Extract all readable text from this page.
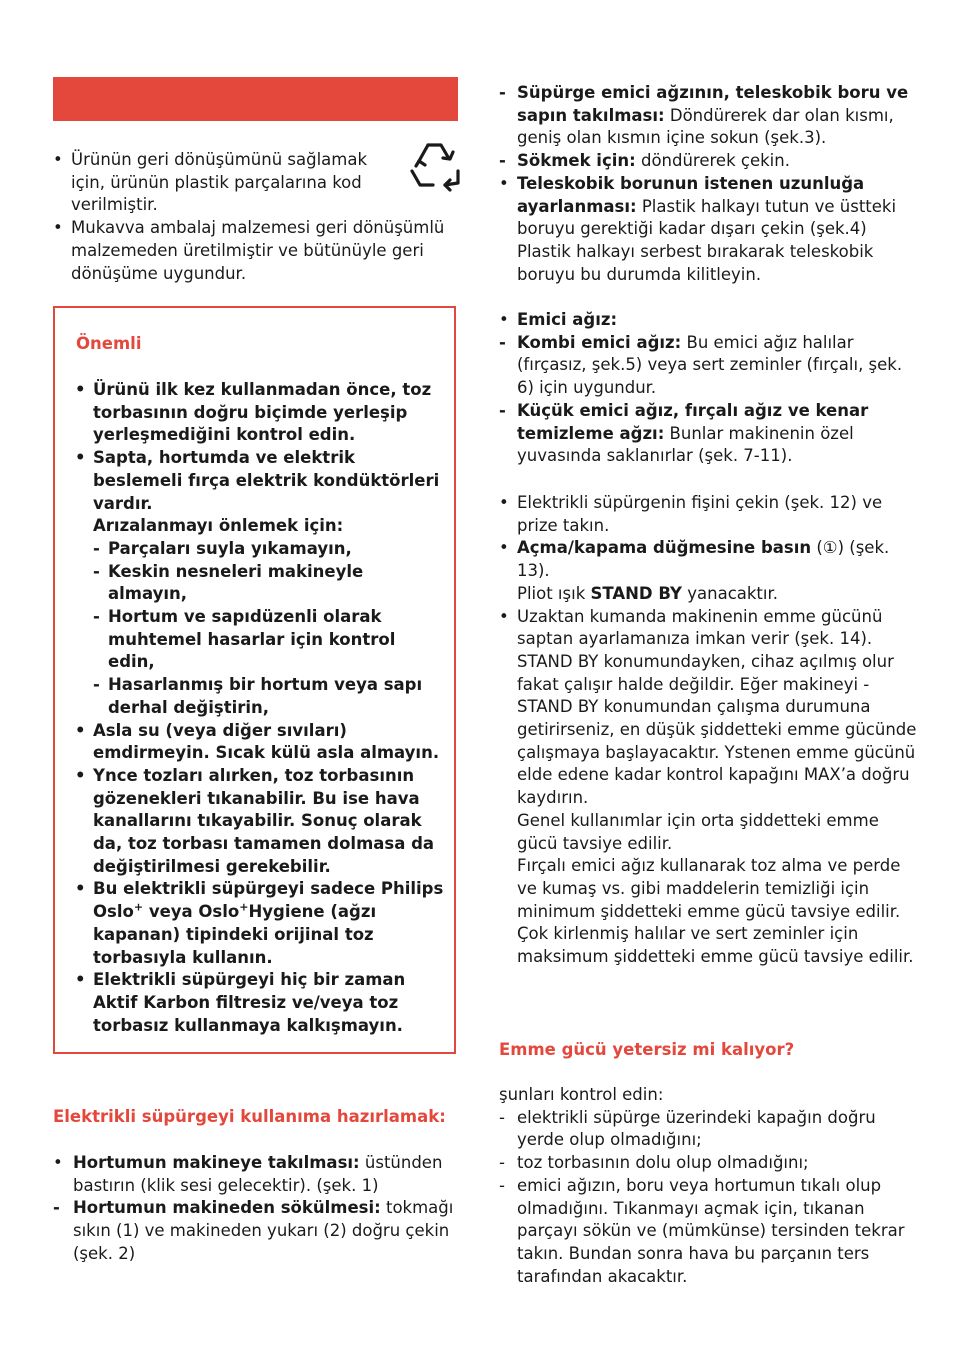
• Ürünün geri dönüşümünü sağlamak için, ürünün plastik parçalarına kod verilmiştir.
• Mukavva ambalaj malzemesi geri dönüşümlü malzemeden üretilmiştir ve bütünüyle geri dönüşüme uygundur.
Önemli
• Ürünü ilk kez kullanmadan önce, toz torbasının doğru biçimde yerleşip yerleşmediğini kontrol edin.
• Sapta, hortumda ve elektrik beslemeli fırça elektrik kondüktörleri vardır.
Arızalanmayı önlemek için:
- Parçaları suyla yıkamayın,
- Keskin nesneleri makineyle almayın,
- Hortum ve sapıdüzenli olarak muhtemel hasarlar için kontrol edin,
- Hasarlanmış bir hortum veya sapı derhal değiştirin,
• Asla su (veya diğer sıvıları) emdirmeyin. Sıcak külü asla almayın.
• Ynce tozları alırken, toz torbasının gözenekleri tıkanabilir. Bu ise hava kanallarını tıkayabilir. Sonuç olarak da, toz torbası tamamen dolmasa da değiştirilmesi gerekebilir.
• Bu elektrikli süpürgeyi sadece Philips Oslo+ veya Oslo+Hygiene (ağzı kapanan) tipindeki orijinal toz torbasıyla kullanın.
• Elektrikli süpürgeyi hiç bir zaman Aktif Karbon filtresiz ve/veya toz torbasız kullanmaya kalkışmayın.
Elektrikli süpürgeyi kullanıma hazırlamak:
• Hortumun makineye takılması: üstünden bastırın (klik sesi gelecektir). (şek. 1)
- Hortumun makineden sökülmesi: tokmağı sıkın (1) ve makineden yukarı (2) doğru çekin (şek. 2)
- Süpürge emici ağzının, teleskobik boru ve sapın takılması: Döndürerek dar olan kısmı, geniş olan kısmın içine sokun (şek.3).
- Sökmek için: döndürerek çekin.
• Teleskobik borunun istenen uzunluğa ayarlanması: Plastik halkayı tutun ve üstteki boruyu gerektiği kadar dışarı çekin (şek.4) Plastik halkayı serbest bırakarak teleskobik boruyu bu durumda kilitleyin.
• Emici ağız:
- Kombi emici ağız: Bu emici ağız halılar (fırçasız, şek.5) veya sert zeminler (fırçalı, şek. 6) için uygundur.
- Küçük emici ağız, fırçalı ağız ve kenar temizleme ağzı: Bunlar makinenin özel yuvasında saklanırlar (şek. 7-11).
• Elektrikli süpürgenin fişini çekin (şek. 12) ve prize takın.
• Açma/kapama düğmesine basın (①) (şek. 13).
Pliot ışık STAND BY yanacaktır.
• Uzaktan kumanda makinenin emme gücünü saptan ayarlamanıza imkan verir (şek. 14). STAND BY konumundayken, cihaz açılmış olur fakat çalışır halde değildir. Eğer makineyi - STAND BY konumundan çalışma durumuna getirirseniz, en düşük şiddetteki emme gücünde çalışmaya başlayacaktır. Ystenen emme gücünü elde edene kadar kontrol kapağını MAX’a doğru kaydırın.
Genel kullanımlar için orta şiddetteki emme gücü tavsiye edilir.
Fırçalı emici ağız kullanarak toz alma ve perde ve kumaş vs. gibi maddelerin temizliği için minimum şiddetteki emme gücü tavsiye edilir. Çok kirlenmiş halılar ve sert zeminler için maksimum şiddetteki emme gücü tavsiye edilir.
Emme gücü yetersiz mi kalıyor?
şunları kontrol edin:
- elektrikli süpürge üzerindeki kapağın doğru yerde olup olmadığını;
- toz torbasının dolu olup olmadığını;
- emici ağızın, boru veya hortumun tıkalı olup olmadığını. Tıkanmayı açmak için, tıkanan parçayı sökün ve (mümkünse) tersinden tekrar takın. Bundan sonra hava bu parçanın ters tarafından akacaktır.
